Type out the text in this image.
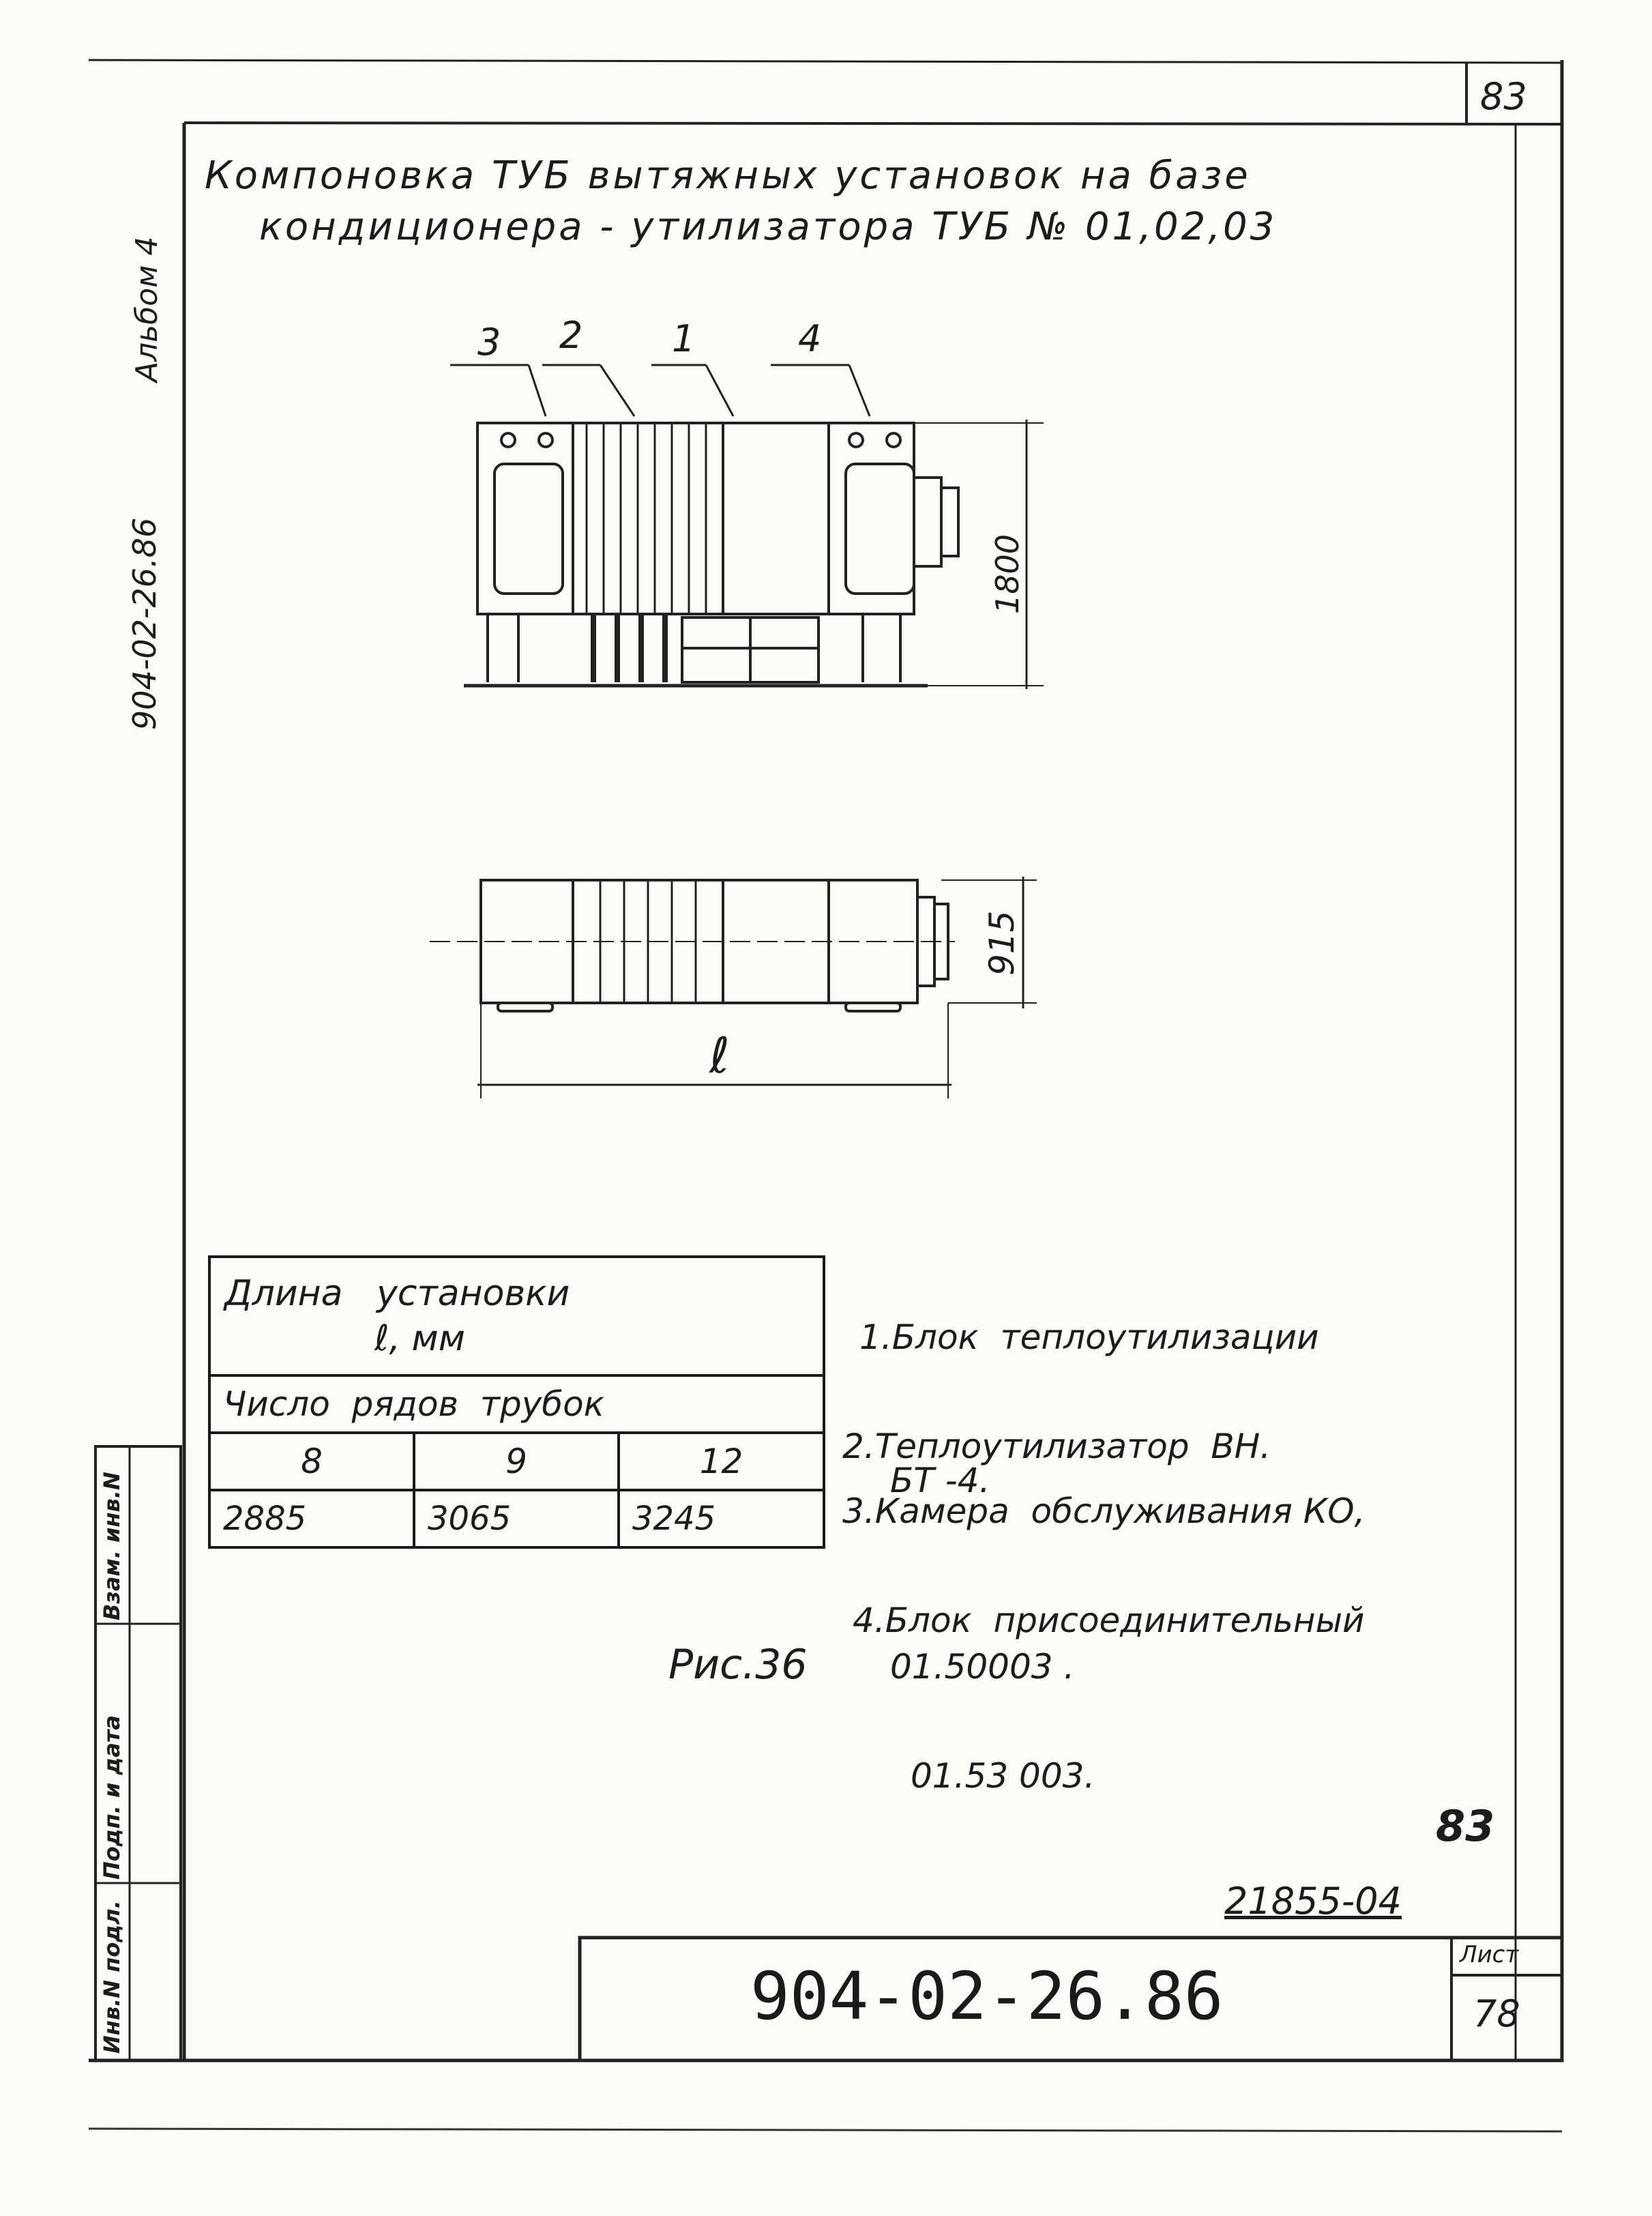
83
Альбом 4
904-02-26.86
Компоновка ТУБ вытяжных установок на базе
кондиционера - утилизатора ТУБ № 01,02,03
3 2 1	4
1800
915
ℓ
Длина   установки
ℓ, мм		

Число  рядов  трубок		
8	9	12
2885	3065	3245

1.Блок  теплоутилизации

БТ -4.

2.Теплоутилизатор  ВН.

3.Камера  обслуживания КО,

01.50003 .

4.Блок  присоединительный

01.53 003.

Рис.36
83
21855-04
904-02-26.86
Лист
78
Инв.N подл.
Подп. и дата
Взам. инв.N
